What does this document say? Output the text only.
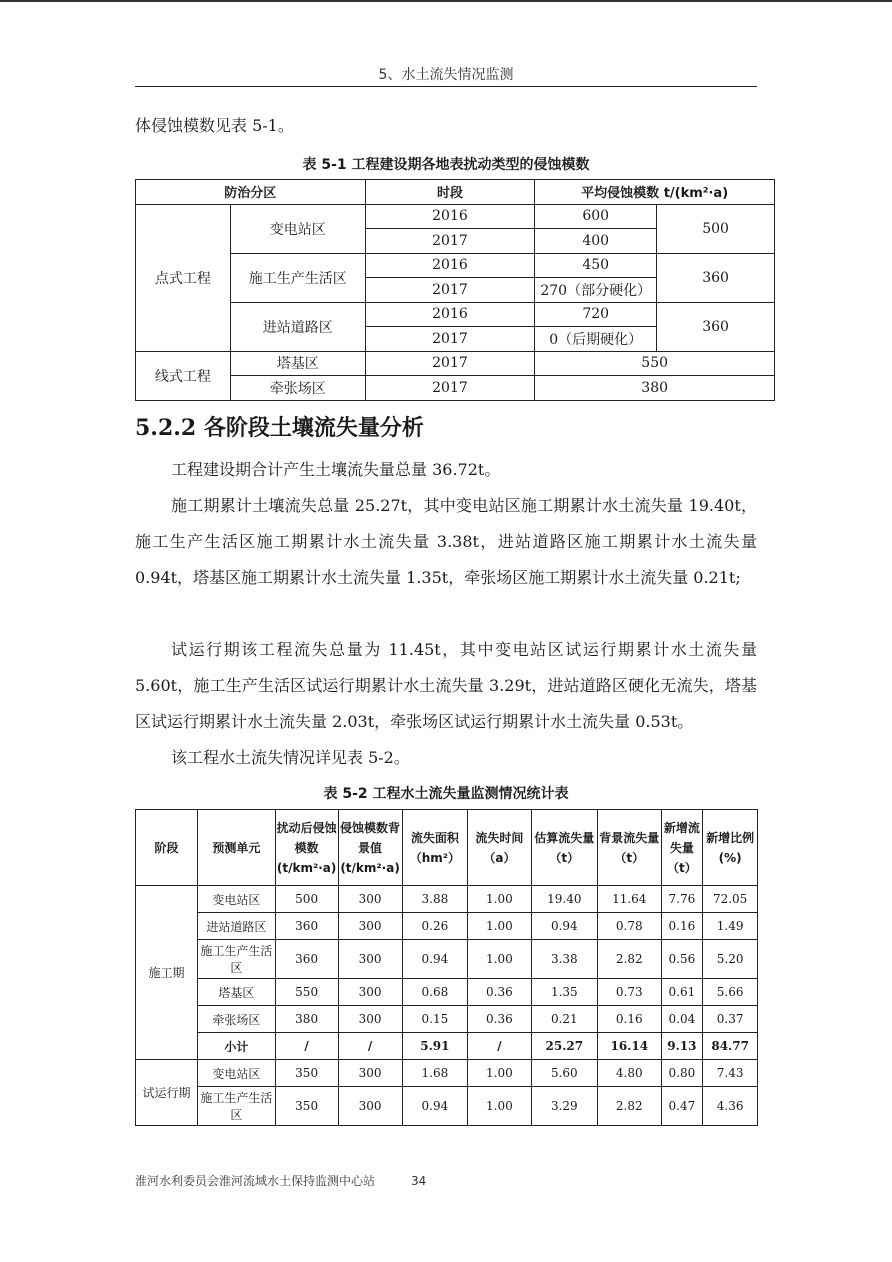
5、水土流失情况监测

体侵蚀模数见表 5-1。

表 5-1 工程建设期各地表扰动类型的侵蚀模数
防治分区		时段	平均侵蚀模数 t/(km²·a)	
点式工程	变电站区	2016	600	500
		2017	400	
	施工生产生活区	2016	450	360
		2017	270（部分硬化）	
	进站道路区	2016	720	360
		2017	0（后期硬化）	
线式工程	塔基区	2017	550	
	牵张场区	2017	380	
5.2.2 各阶段土壤流失量分析

工程建设期合计产生土壤流失量总量 36.72t。

施工期累计土壤流失总量 25.27t，其中变电站区施工期累计水土流失量 19.40t，施工生产生活区施工期累计水土流失量 3.38t，进站道路区施工期累计水土流失量 0.94t，塔基区施工期累计水土流失量 1.35t，牵张场区施工期累计水土流失量 0.21t;

试运行期该工程流失总量为 11.45t，其中变电站区试运行期累计水土流失量 5.60t，施工生产生活区试运行期累计水土流失量 3.29t，进站道路区硬化无流失，塔基区试运行期累计水土流失量 2.03t，牵张场区试运行期累计水土流失量 0.53t。

该工程水土流失情况详见表 5-2。

表 5-2 工程水土流失量监测情况统计表
阶段	预测单元	扰动后侵蚀模数(t/km²·a)	侵蚀模数背景值(t/km²·a)	流失面积（hm²）	流失时间（a）	估算流失量（t）	背景流失量（t）	新增流失量（t）	新增比例(%)
施工期	变电站区	500	300	3.88	1.00	19.40	11.64	7.76	72.05
	进站道路区	360	300	0.26	1.00	0.94	0.78	0.16	1.49
	施工生产生活区	360	300	0.94	1.00	3.38	2.82	0.56	5.20
	塔基区	550	300	0.68	0.36	1.35	0.73	0.61	5.66
	牵张场区	380	300	0.15	0.36	0.21	0.16	0.04	0.37
	小计	/	/	5.91	/	25.27	16.14	9.13	84.77
试运行期	变电站区	350	300	1.68	1.00	5.60	4.80	0.80	7.43
	施工生产生活区	350	300	0.94	1.00	3.29	2.82	0.47	4.36
淮河水利委员会淮河流域水土保持监测中心站	34
